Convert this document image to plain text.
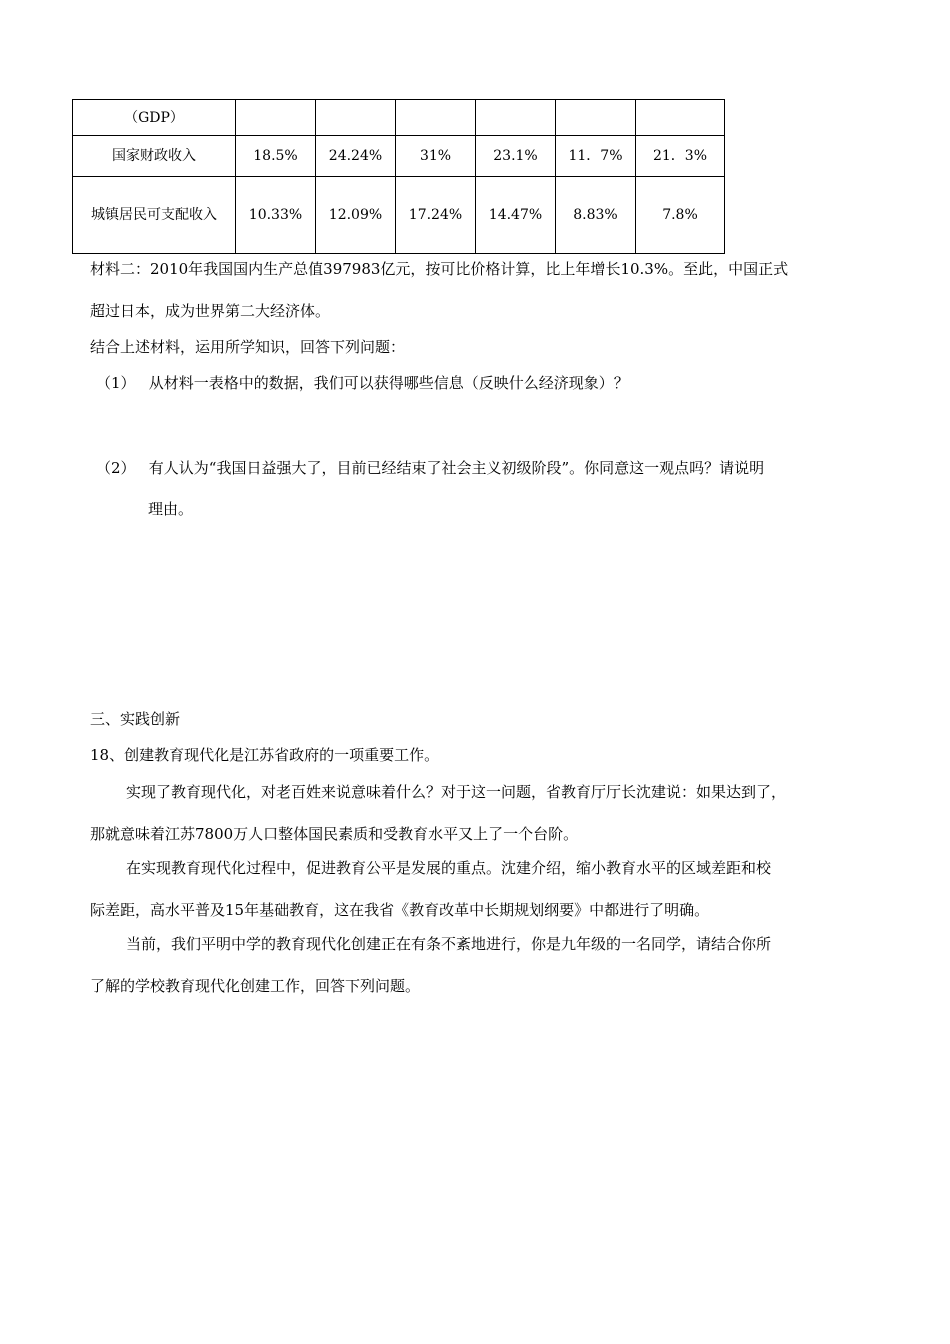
（GDP）						
国家财政收入	18.5%	24.24%	31%	23.1%	11．7%	21．3%
城镇居民可支配收入	10.33%	12.09%	17.24%	14.47%	8.83%	7.8%
材料二：2010年我国国内生产总值397983亿元，按可比价格计算，比上年增长10.3%。至此，中国正式
超过日本，成为世界第二大经济体。
结合上述材料，运用所学知识，回答下列问题：
（1） 从材料一表格中的数据，我们可以获得哪些信息（反映什么经济现象）？
（2） 有人认为“我国日益强大了，目前已经结束了社会主义初级阶段”。你同意这一观点吗？请说明
理由。
三、实践创新
18、创建教育现代化是江苏省政府的一项重要工作。
实现了教育现代化，对老百姓来说意味着什么？对于这一问题，省教育厅厅长沈建说：如果达到了，
那就意味着江苏7800万人口整体国民素质和受教育水平又上了一个台阶。
在实现教育现代化过程中，促进教育公平是发展的重点。沈建介绍，缩小教育水平的区域差距和校
际差距，高水平普及15年基础教育，这在我省《教育改革中长期规划纲要》中都进行了明确。
当前，我们平明中学的教育现代化创建正在有条不紊地进行，你是九年级的一名同学，请结合你所
了解的学校教育现代化创建工作，回答下列问题。
